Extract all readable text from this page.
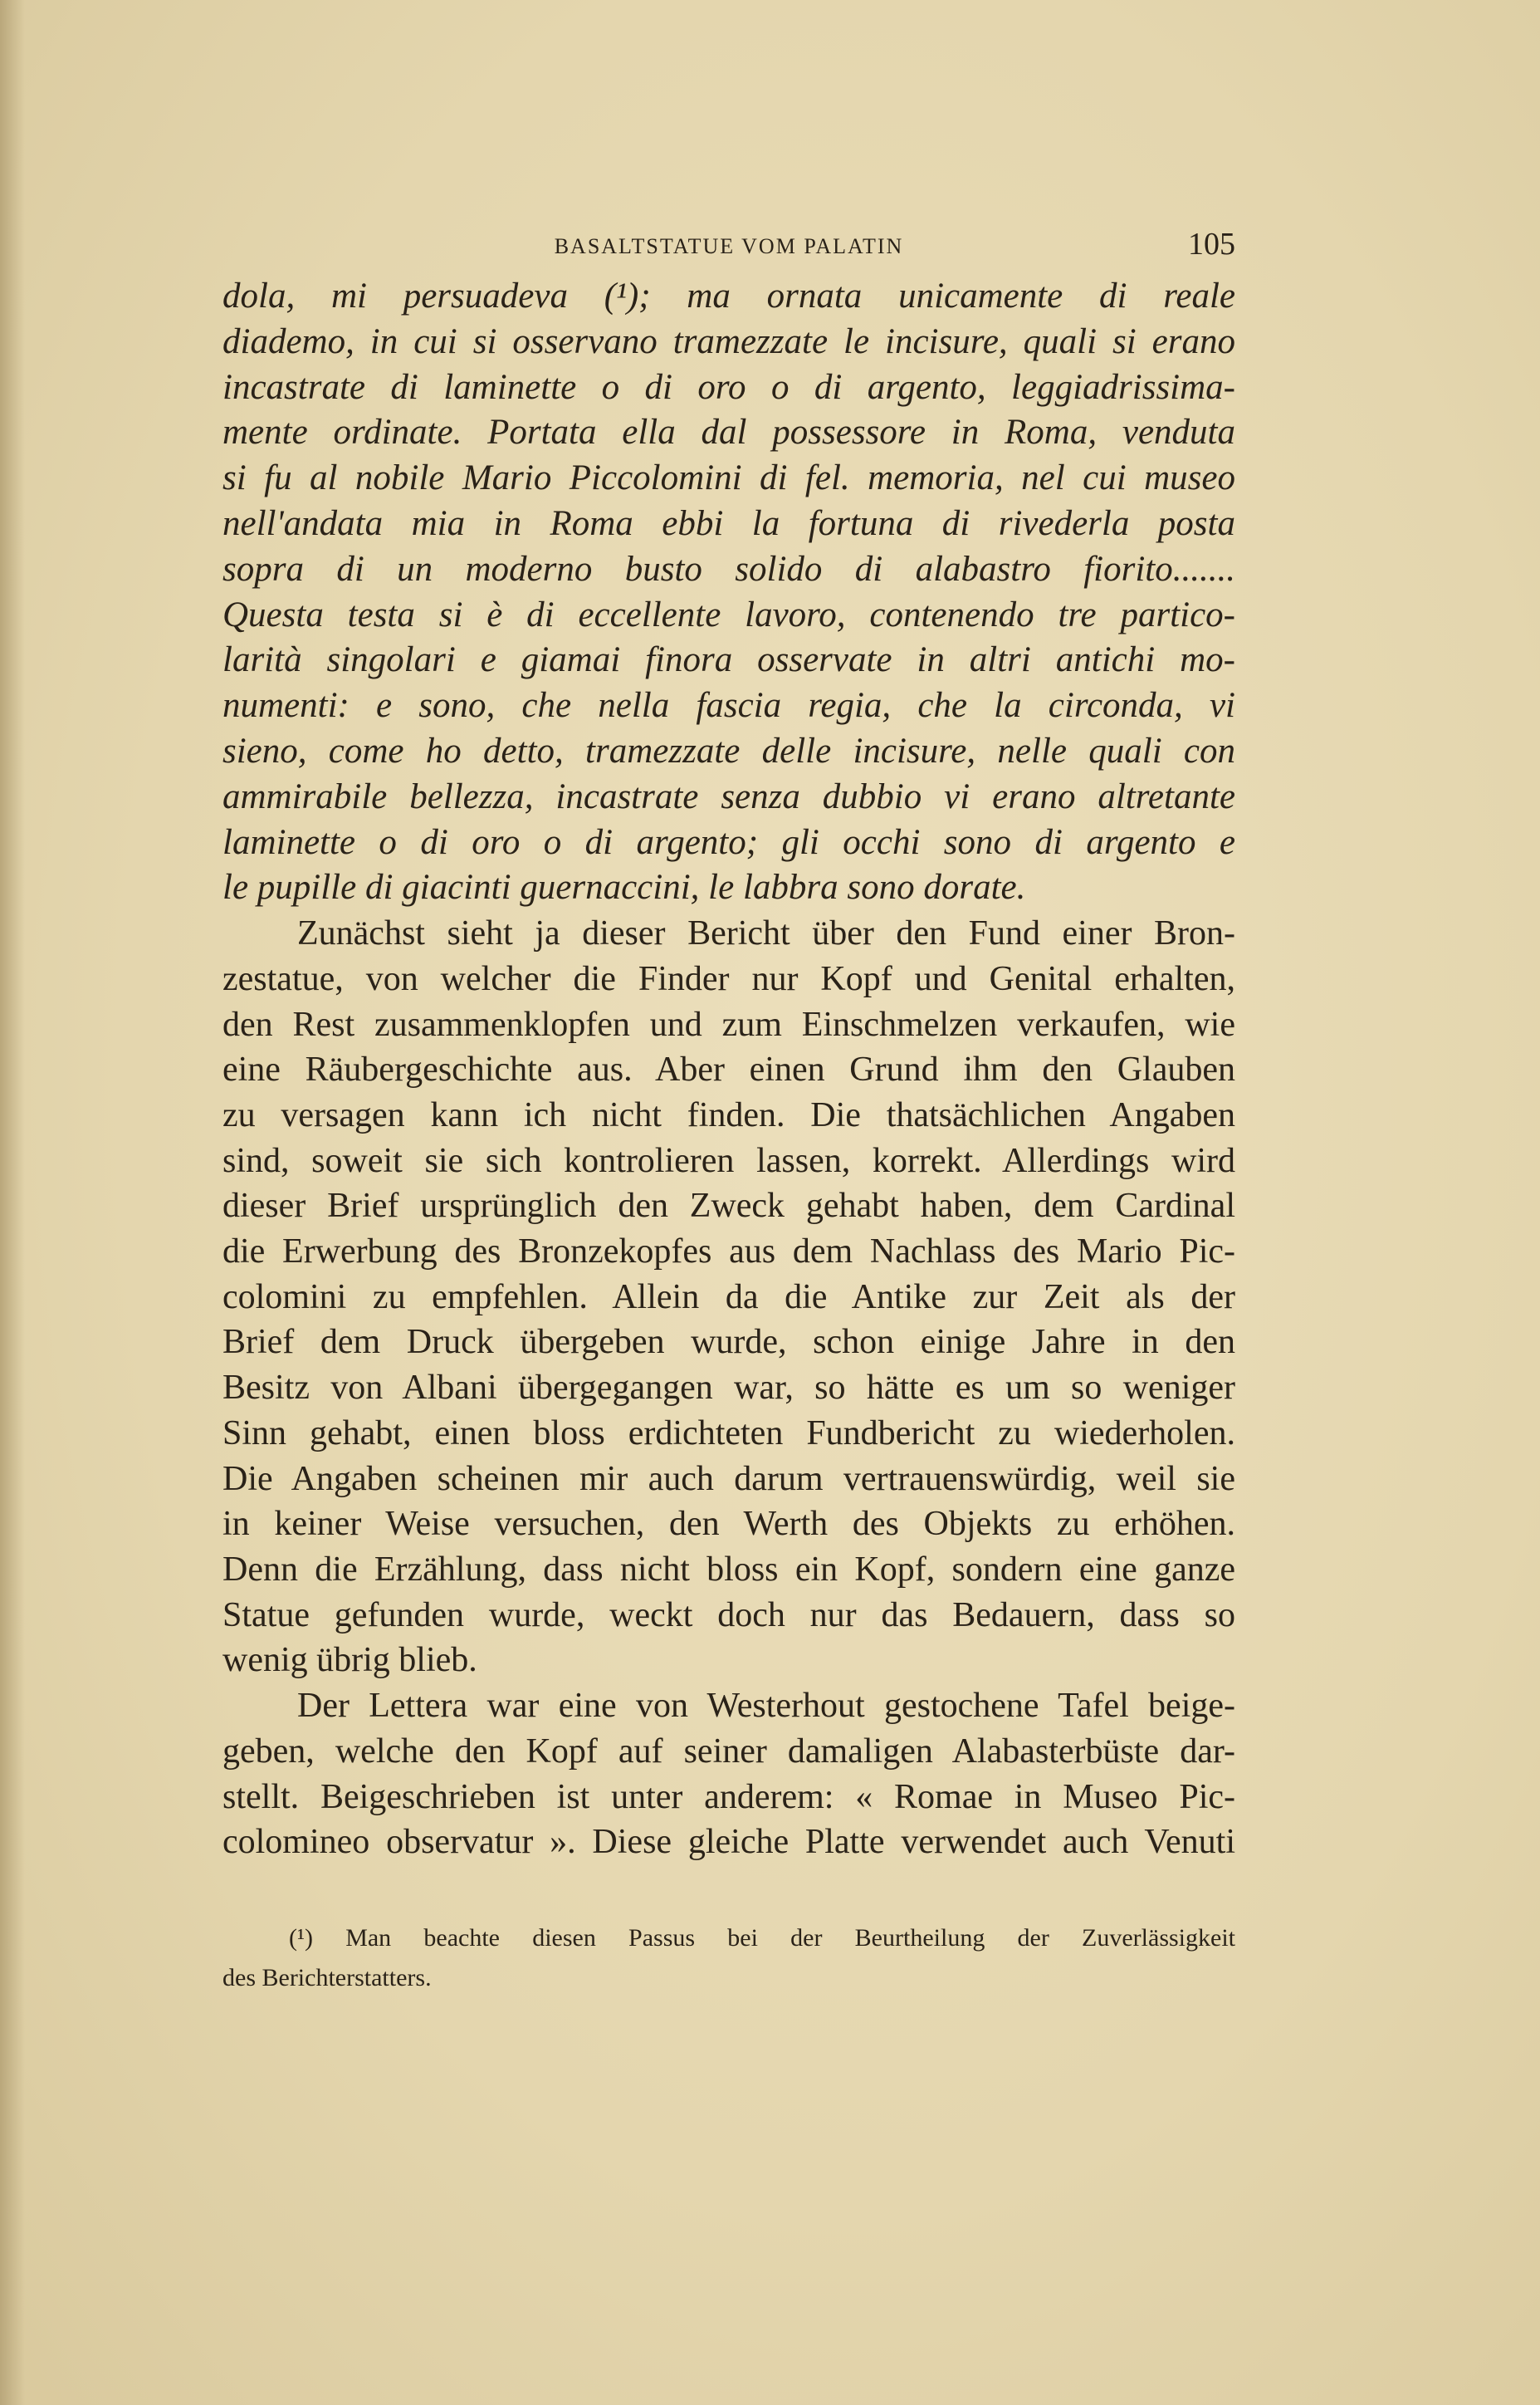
BASALTSTATUE VOM PALATIN	105
dola, mi persuadeva (¹); ma ornata unicamente di reale
diademo, in cui si osservano tramezzate le incisure, quali si erano
incastrate di laminette o di oro o di argento, leggiadrissima-
mente ordinate. Portata ella dal possessore in Roma, venduta
si fu al nobile Mario Piccolomini di fel. memoria, nel cui museo
nell'andata mia in Roma ebbi la fortuna di rivederla posta
sopra di un moderno busto solido di alabastro fiorito.......
Questa testa si è di eccellente lavoro, contenendo tre partico-
larità singolari e giamai finora osservate in altri antichi mo-
numenti: e sono, che nella fascia regia, che la circonda, vi
sieno, come ho detto, tramezzate delle incisure, nelle quali con
ammirabile bellezza, incastrate senza dubbio vi erano altretante
laminette o di oro o di argento; gli occhi sono di argento e
le pupille di giacinti guernaccini, le labbra sono dorate.
Zunächst sieht ja dieser Bericht über den Fund einer Bron-
zestatue, von welcher die Finder nur Kopf und Genital erhalten,
den Rest zusammenklopfen und zum Einschmelzen verkaufen, wie
eine Räubergeschichte aus. Aber einen Grund ihm den Glauben
zu versagen kann ich nicht finden. Die thatsächlichen Angaben
sind, soweit sie sich kontrolieren lassen, korrekt. Allerdings wird
dieser Brief ursprünglich den Zweck gehabt haben, dem Cardinal
die Erwerbung des Bronzekopfes aus dem Nachlass des Mario Pic-
colomini zu empfehlen. Allein da die Antike zur Zeit als der
Brief dem Druck übergeben wurde, schon einige Jahre in den
Besitz von Albani übergegangen war, so hätte es um so weniger
Sinn gehabt, einen bloss erdichteten Fundbericht zu wiederholen.
Die Angaben scheinen mir auch darum vertrauenswürdig, weil sie
in keiner Weise versuchen, den Werth des Objekts zu erhöhen.
Denn die Erzählung, dass nicht bloss ein Kopf, sondern eine ganze
Statue gefunden wurde, weckt doch nur das Bedauern, dass so
wenig übrig blieb.
Der Lettera war eine von Westerhout gestochene Tafel beige-
geben, welche den Kopf auf seiner damaligen Alabasterbüste dar-
stellt. Beigeschrieben ist unter anderem: « Romae in Museo Pic-
colomineo observatur ». Diese gleiche Platte verwendet auch Venuti
(¹) Man beachte diesen Passus bei der Beurtheilung der Zuverlässigkeit
des Berichterstatters.
